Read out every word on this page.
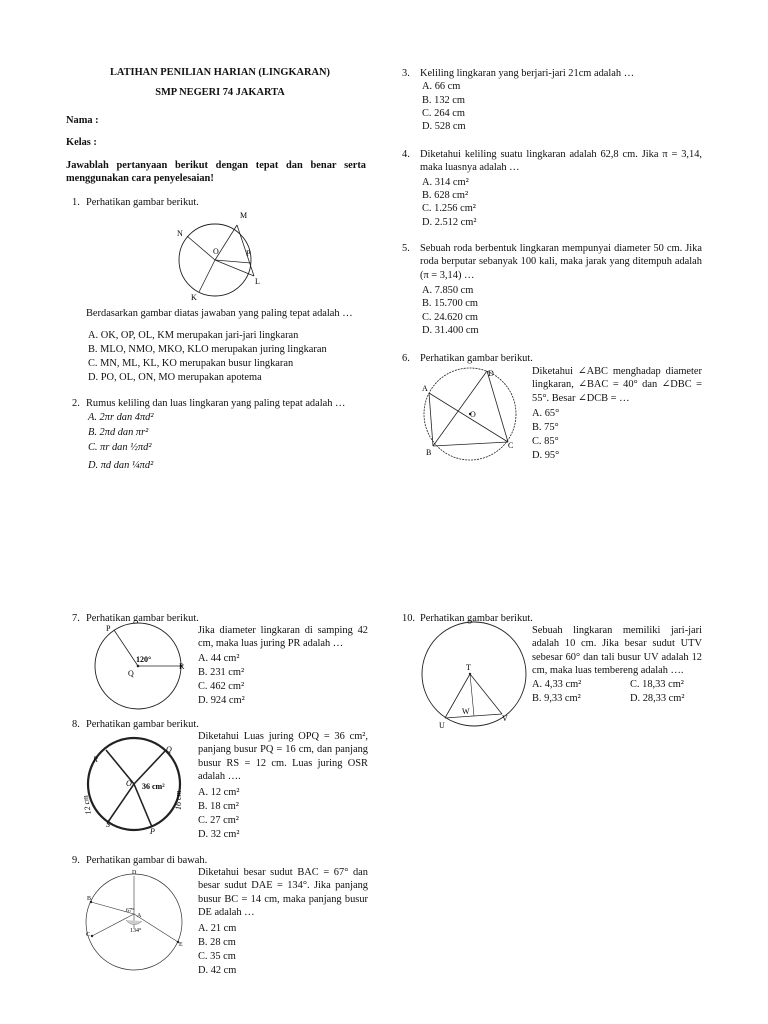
LATIHAN PENILIAN HARIAN (LINGKARAN)
SMP NEGERI 74 JAKARTA
Nama :
Kelas :
Jawablah pertanyaan berikut dengan tepat dan benar serta menggunakan cara penyelesaian!
1. Perhatikan gambar berikut.
M
N
O	P
L
K
Berdasarkan gambar diatas jawaban yang paling tepat adalah …
A. OK, OP, OL, KM merupakan jari-jari lingkaran
B. MLO, NMO, MKO, KLO merupakan juring lingkaran
C. MN, ML, KL, KO merupakan busur lingkaran
D. PO, OL, ON, MO merupakan apotema
2. Rumus keliling dan luas lingkaran yang paling tepat adalah …
A. 2πr dan 4πd²
B. 2πd dan πr²
C. πr dan ½πd²
D. πd dan ¼πd²
7. Perhatikan gambar berikut.
P
Q
R
120°
Jika diameter lingkaran di samping 42 cm, maka luas juring PR adalah …
A. 44 cm²
B. 231 cm²
C. 462 cm²
D. 924 cm²
8. Perhatikan gambar berikut.
R
Q
O 36 cm²
S
P
16 cm
12 cm
Diketahui Luas juring OPQ = 36 cm², panjang busur PQ = 16 cm, dan panjang busur RS = 12 cm. Luas juring OSR adalah ….
A. 12 cm²
B. 18 cm²
C. 27 cm²
D. 32 cm²
9. Perhatikan gambar di bawah.
B
C
E
D
A
67°
134°
Diketahui besar sudut BAC = 67° dan besar sudut DAE = 134°. Jika panjang busur BC = 14 cm, maka panjang busur DE adalah …
A. 21 cm
B. 28 cm
C. 35 cm
D. 42 cm
3. Keliling lingkaran yang berjari-jari 21cm adalah …
A. 66 cm
B. 132 cm
C. 264 cm
D. 528 cm
4. Diketahui keliling suatu lingkaran adalah 62,8 cm. Jika π = 3,14, maka luasnya adalah …
A. 314 cm²
B. 628 cm²
C. 1.256 cm²
D. 2.512 cm²
5. Sebuah roda berbentuk lingkaran mempunyai diameter 50 cm. Jika roda berputar sebanyak 100 kali, maka jarak yang ditempuh adalah (π = 3,14) …
A. 7.850 cm
B. 15.700 cm
C. 24.620 cm
D. 31.400 cm
6. Perhatikan gambar berikut.
A
B
C
D
O
Diketahui ∠ABC menghadap diameter lingkaran, ∠BAC = 40° dan ∠DBC = 55°. Besar ∠DCB = …
A. 65°
B. 75°
C. 85°
D. 95°
10. Perhatikan gambar berikut.
T
U
V
W
Sebuah lingkaran memiliki jari-jari adalah 10 cm. Jika besar sudut UTV sebesar 60° dan tali busur UV adalah 12 cm, maka luas tembereng adalah ….
A. 4,33 cm²
B. 9,33 cm²
C. 18,33 cm²
D. 28,33 cm²
